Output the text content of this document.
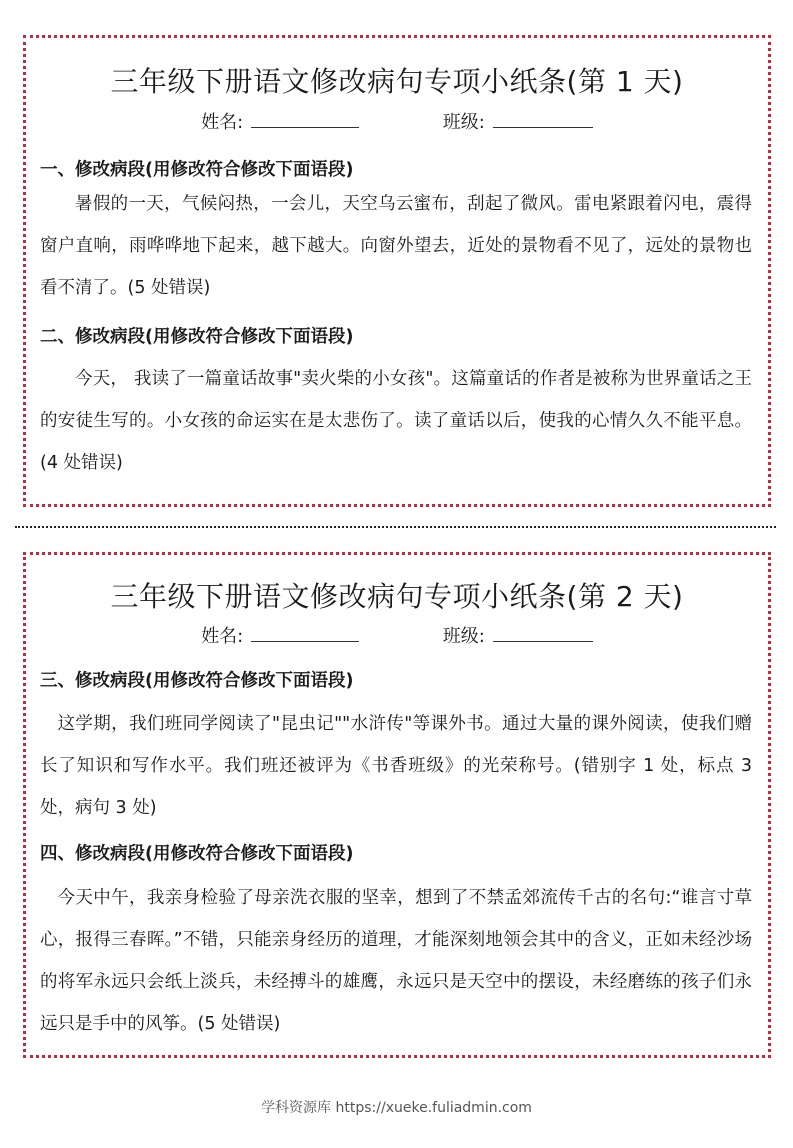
三年级下册语文修改病句专项小纸条(第 1 天)
姓名:	班级:
一、修改病段(用修改符合修改下面语段)

暑假的一天，气候闷热，一会儿，天空乌云蜜布，刮起了微风。雷电紧跟着闪电，震得窗户直响，雨哗哗地下起来，越下越大。向窗外望去，近处的景物看不见了，远处的景物也看不清了。(5 处错误)

二、修改病段(用修改符合修改下面语段)

今天， 我读了一篇童话故事"卖火柴的小女孩"。这篇童话的作者是被称为世界童话之王的安徒生写的。小女孩的命运实在是太悲伤了。读了童话以后，使我的心情久久不能平息。(4 处错误)

三年级下册语文修改病句专项小纸条(第 2 天)
姓名:	班级:
三、修改病段(用修改符合修改下面语段)

这学期，我们班同学阅读了"昆虫记""水浒传"等课外书。通过大量的课外阅读，使我们赠长了知识和写作水平。我们班还被评为《书香班级》的光荣称号。(错别字 1 处，标点 3 处，病句 3 处)

四、修改病段(用修改符合修改下面语段)

今天中午，我亲身检验了母亲洗衣服的坚幸，想到了不禁孟郊流传千古的名句:“谁言寸草心，报得三春晖。”不错，只能亲身经历的道理，才能深刻地领会其中的含义，正如未经沙场的将军永远只会纸上淡兵，未经搏斗的雄鹰，永远只是天空中的摆设，未经磨练的孩子们永远只是手中的风筝。(5 处错误)

学科资源库 https://xueke.fuliadmin.com
